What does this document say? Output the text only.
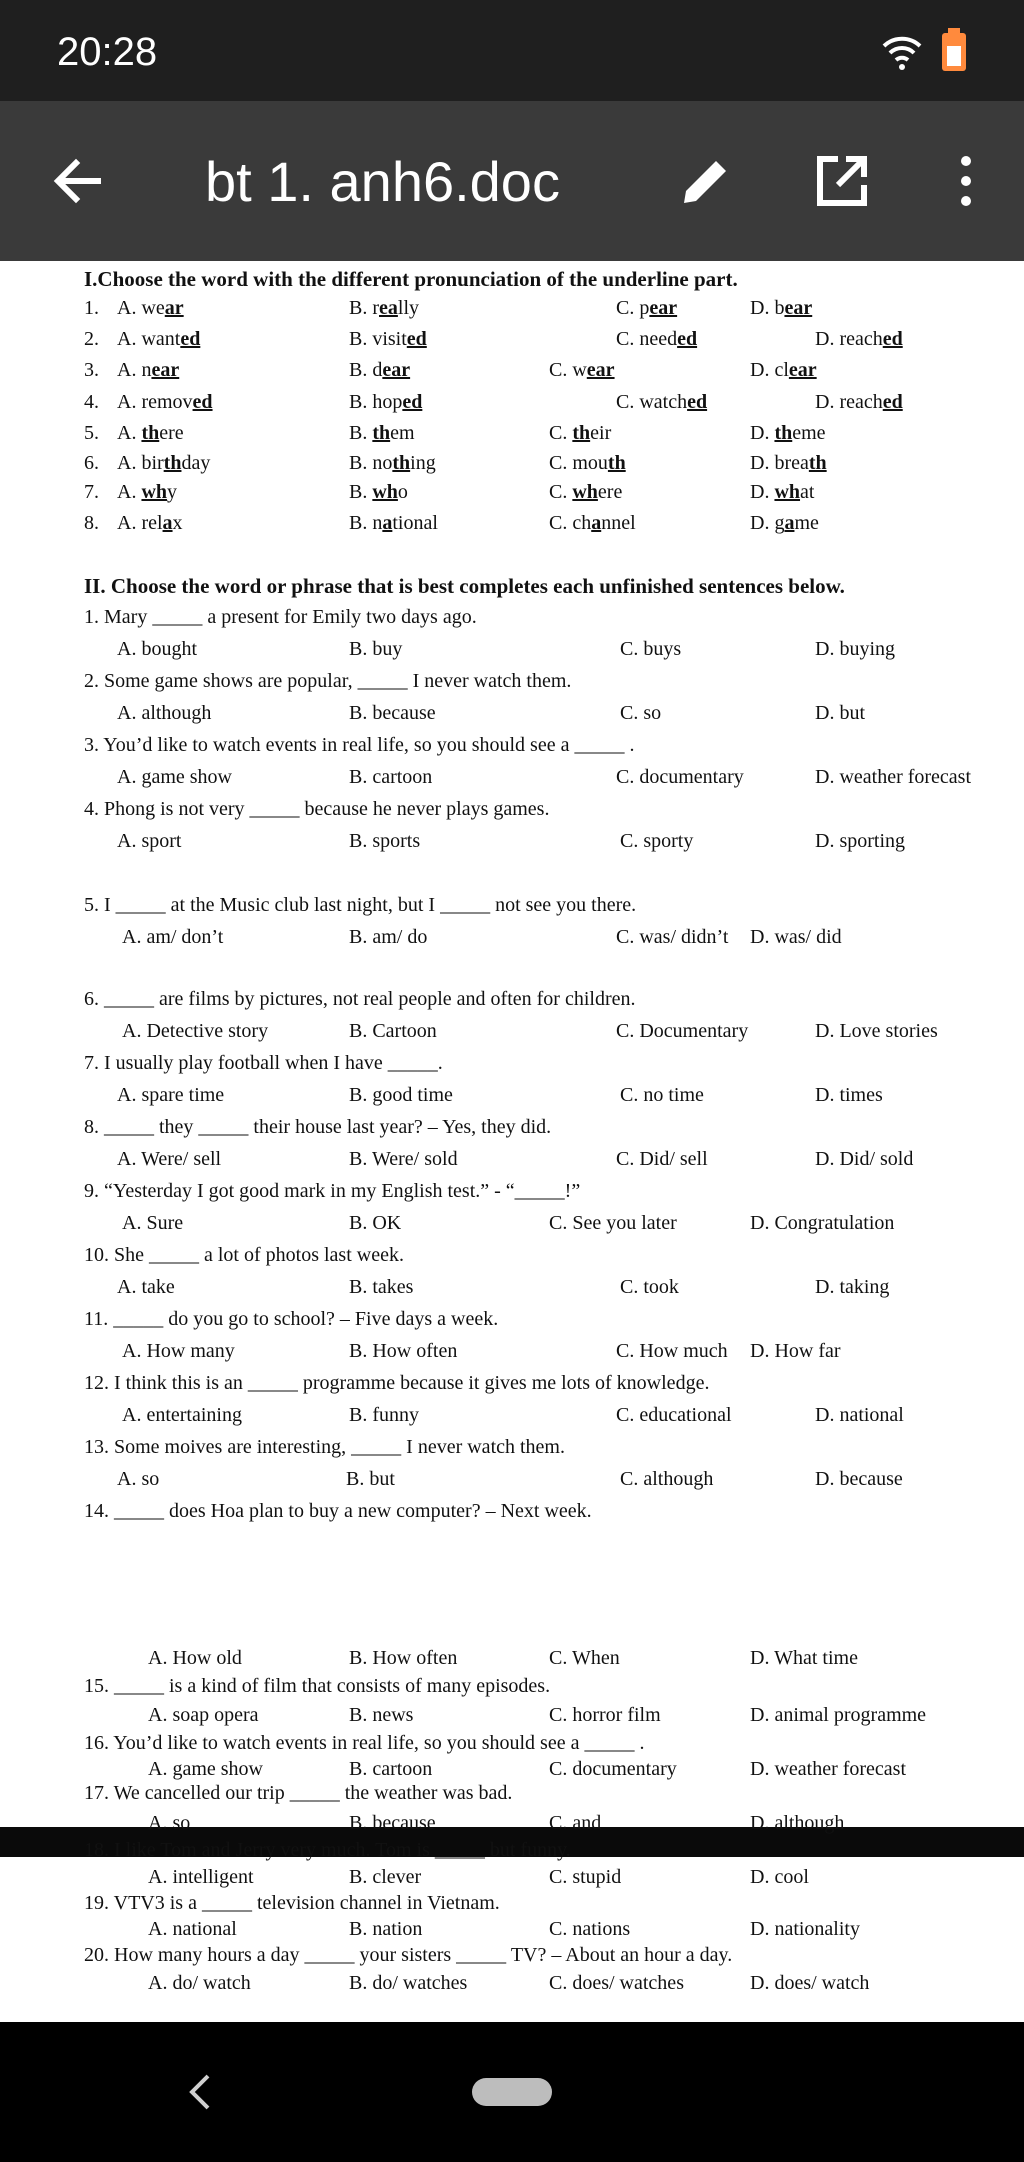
20:28
bt 1. anh6.doc
I.Choose the word with the different pronunciation of the underline part.
1. A. wear	B. really	C. pear	D. bear
2. A. wanted	B. visited	C. needed	D. reached
3. A. near	B. dear	C. wear	D. clear
4. A. removed	B. hoped	C. watched	D. reached
5. A. there	B. them	C. their	D. theme
6. A. birthday	B. nothing	C. mouth	D. breath
7. A. why	B. who	C. where	D. what
8. A. relax	B. national	C. channel	D. game
II. Choose the word or phrase that is best completes each unfinished sentences below.
1. Mary _____ a present for Emily two days ago.
A. bought	B. buy	C. buys	D. buying
2. Some game shows are popular, _____ I never watch them.
A. although	B. because	C. so	D. but
3. You’d like to watch events in real life, so you should see a _____ .
A. game show	B. cartoon	C. documentary	D. weather forecast
4. Phong is not very _____ because he never plays games.
A. sport	B. sports	C. sporty	D. sporting
5. I _____ at the Music club last night, but I _____ not see you there.
A. am/ don’t	B. am/ do	C. was/ didn’t D. was/ did
6. _____ are films by pictures, not real people and often for children.
A. Detective story	B. Cartoon	C. Documentary	D. Love stories
7. I usually play football when I have _____.
A. spare time	B. good time	C. no time	D. times
8. _____ they _____ their house last year? – Yes, they did.
A. Were/ sell	B. Were/ sold	C. Did/ sell	D. Did/ sold
9. “Yesterday I got good mark in my English test.” - “_____!”
A. Sure	B. OK	C. See you later	D. Congratulation
10. She _____ a lot of photos last week.
A. take	B. takes	C. took	D. taking
11. _____ do you go to school? – Five days a week.
A. How many	B. How often	C. How much D. How far
12. I think this is an _____ programme because it gives me lots of knowledge.
A. entertaining	B. funny	C. educational	D. national
13. Some moives are interesting, _____ I never watch them.
A. so	B. but	C. although	D. because
14. _____ does Hoa plan to buy a new computer? – Next week.
A. How old	B. How often	C. When	D. What time
15. _____ is a kind of film that consists of many episodes.
A. soap opera	B. news	C. horror film	D. animal programme
16. You’d like to watch events in real life, so you should see a _____ .
A. game show	B. cartoon	C. documentary	D. weather forecast
17. We cancelled our trip _____ the weather was bad.
A. so	B. because	C. and	D. although
18. I like Tom and Jerry very much. Tom is _____ but funny.
A. intelligent	B. clever	C. stupid	D. cool
19. VTV3 is a _____ television channel in Vietnam.
A. national	B. nation	C. nations	D. nationality
20. How many hours a day _____ your sisters _____ TV? – About an hour a day.
A. do/ watch	B. do/ watches	C. does/ watches	D. does/ watch
